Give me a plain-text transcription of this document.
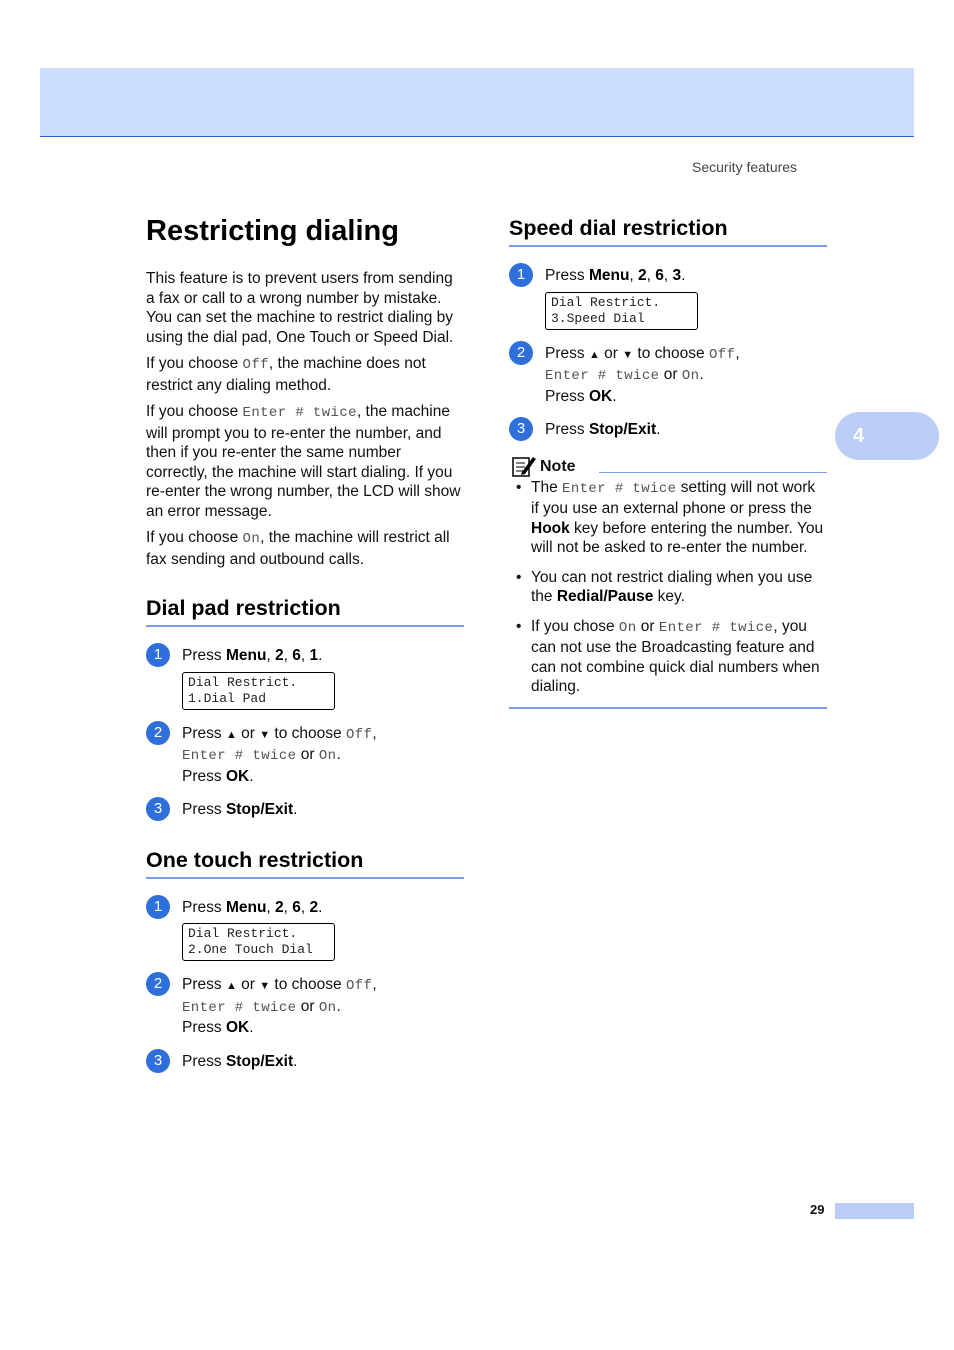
Security features
4
Restricting dialing

This feature is to prevent users from sending a fax or call to a wrong number by mistake. You can set the machine to restrict dialing by using the dial pad, One Touch or Speed Dial.

If you choose Off, the machine does not restrict any dialing method.

If you choose Enter # twice, the machine will prompt you to re-enter the number, and then if you re-enter the same number correctly, the machine will start dialing. If you re-enter the wrong number, the LCD will show an error message.

If you choose On, the machine will restrict all fax sending and outbound calls.

Dial pad restriction
1	Press Menu, 2, 6, 1.
Dial Restrict.
1.Dial Pad
2	Press ▲ or ▼ to choose Off,
Enter # twice or On.
Press OK.
3	Press Stop/Exit.
One touch restriction
1	Press Menu, 2, 6, 2.
Dial Restrict.
2.One Touch Dial
2	Press ▲ or ▼ to choose Off,
Enter # twice or On.
Press OK.
3	Press Stop/Exit.
Speed dial restriction
1	Press Menu, 2, 6, 3.
Dial Restrict.
3.Speed Dial
2	Press ▲ or ▼ to choose Off,
Enter # twice or On.
Press OK.
3	Press Stop/Exit.
Note
• The Enter # twice setting will not work if you use an external phone or press the Hook key before entering the number. You will not be asked to re-enter the number.
• You can not restrict dialing when you use the Redial/Pause key.
• If you chose On or Enter # twice, you can not use the Broadcasting feature and can not combine quick dial numbers when dialing.
29
